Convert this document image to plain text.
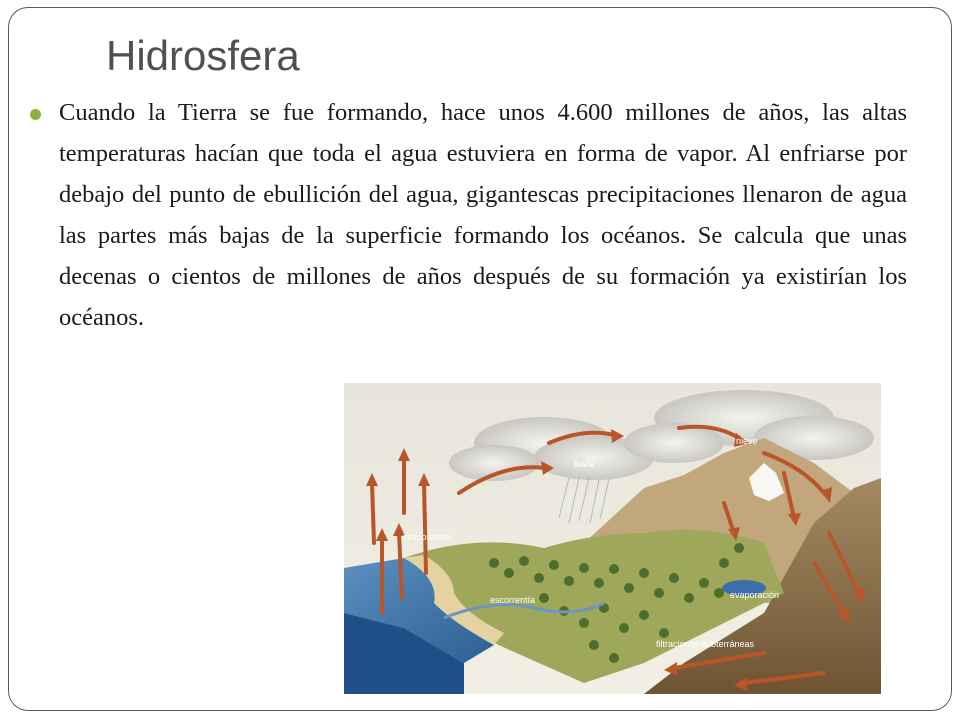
Hidrosfera

Cuando la Tierra se fue formando, hace unos 4.600 millones de años, las altas temperaturas hacían que toda el agua estuviera en forma de vapor. Al enfriarse por debajo del punto de ebullición del agua, gigantescas precipitaciones llenaron de agua las partes más bajas de la superficie formando los océanos. Se calcula que unas decenas o cientos de millones de años después de su formación ya existirían los océanos.

nieve
lluvia
evaporación
escorrentía	evaporación
filtraciones subterráneas
